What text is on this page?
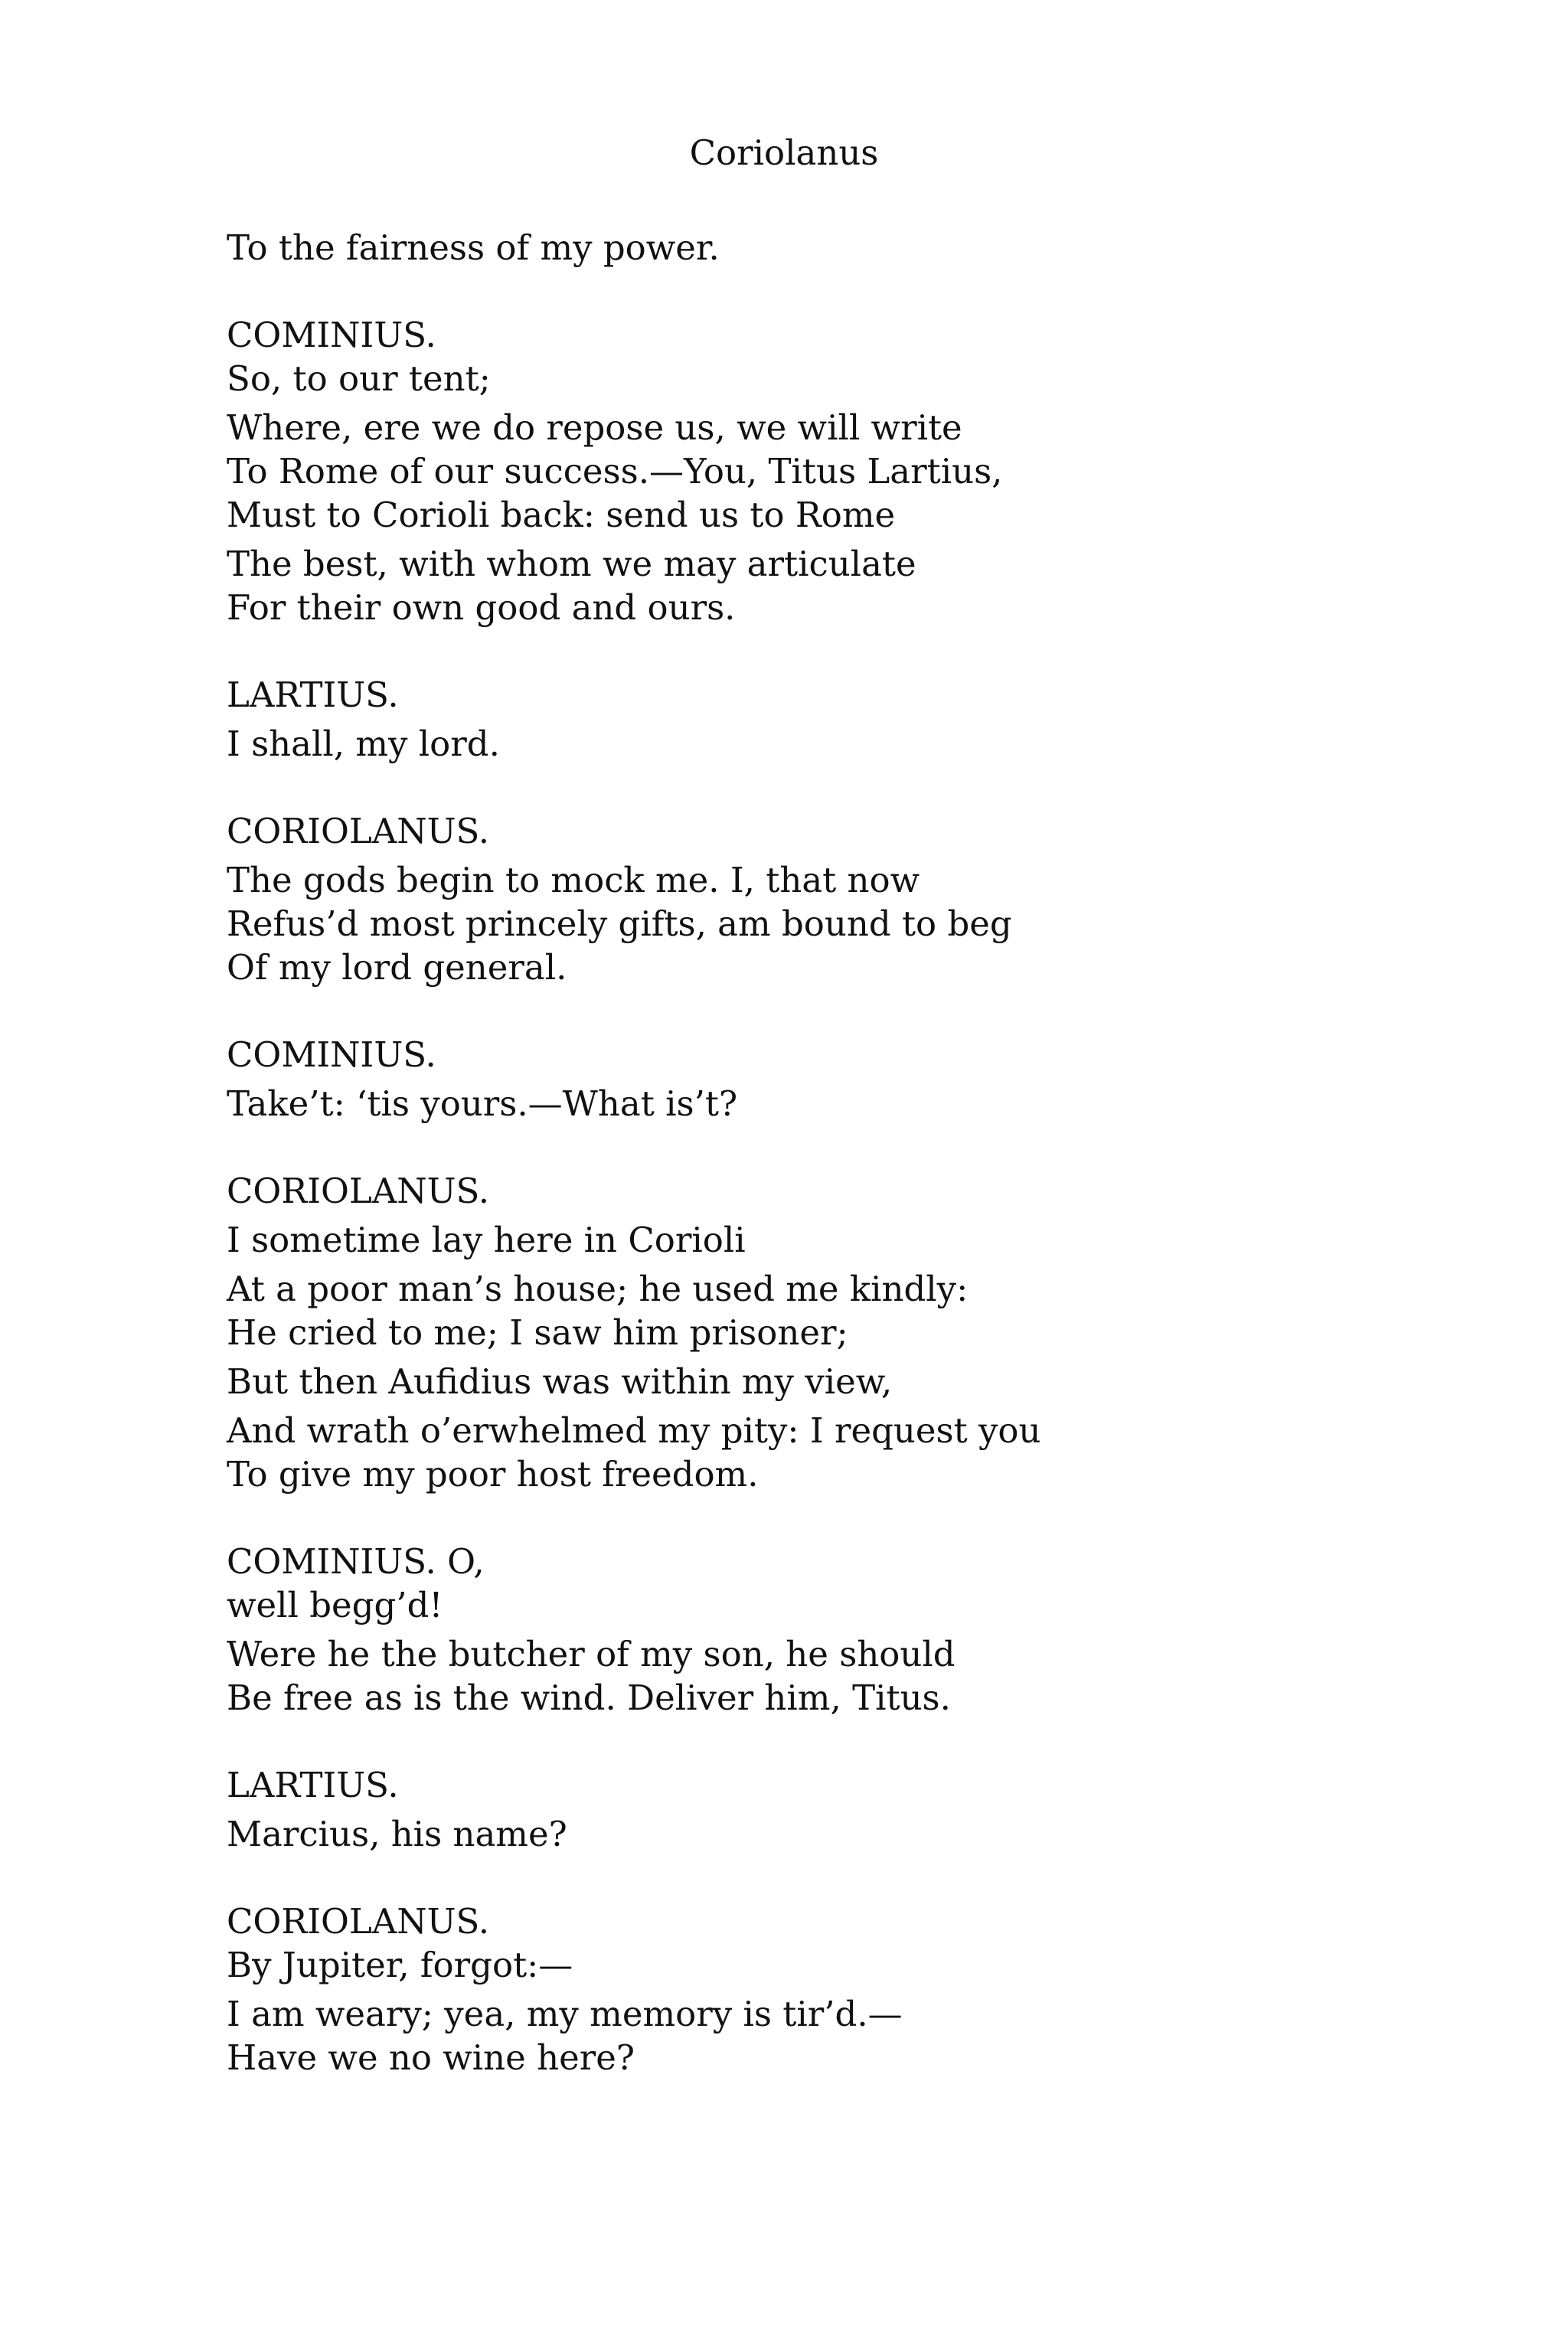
Coriolanus
To the fairness of my power.
COMINIUS.
So, to our tent;
Where, ere we do repose us, we will write
To Rome of our success.—You, Titus Lartius,
Must to Corioli back: send us to Rome
The best, with whom we may articulate
For their own good and ours.
LARTIUS.
I shall, my lord.
CORIOLANUS.
The gods begin to mock me. I, that now
Refus’d most princely gifts, am bound to beg
Of my lord general.
COMINIUS.
Take’t: ‘tis yours.—What is’t?
CORIOLANUS.
I sometime lay here in Corioli
At a poor man’s house; he used me kindly:
He cried to me; I saw him prisoner;
But then Aufidius was within my view,
And wrath o’erwhelmed my pity: I request you
To give my poor host freedom.
COMINIUS. O,
well begg’d!
Were he the butcher of my son, he should
Be free as is the wind. Deliver him, Titus.
LARTIUS.
Marcius, his name?
CORIOLANUS.
By Jupiter, forgot:—
I am weary; yea, my memory is tir’d.—
Have we no wine here?
